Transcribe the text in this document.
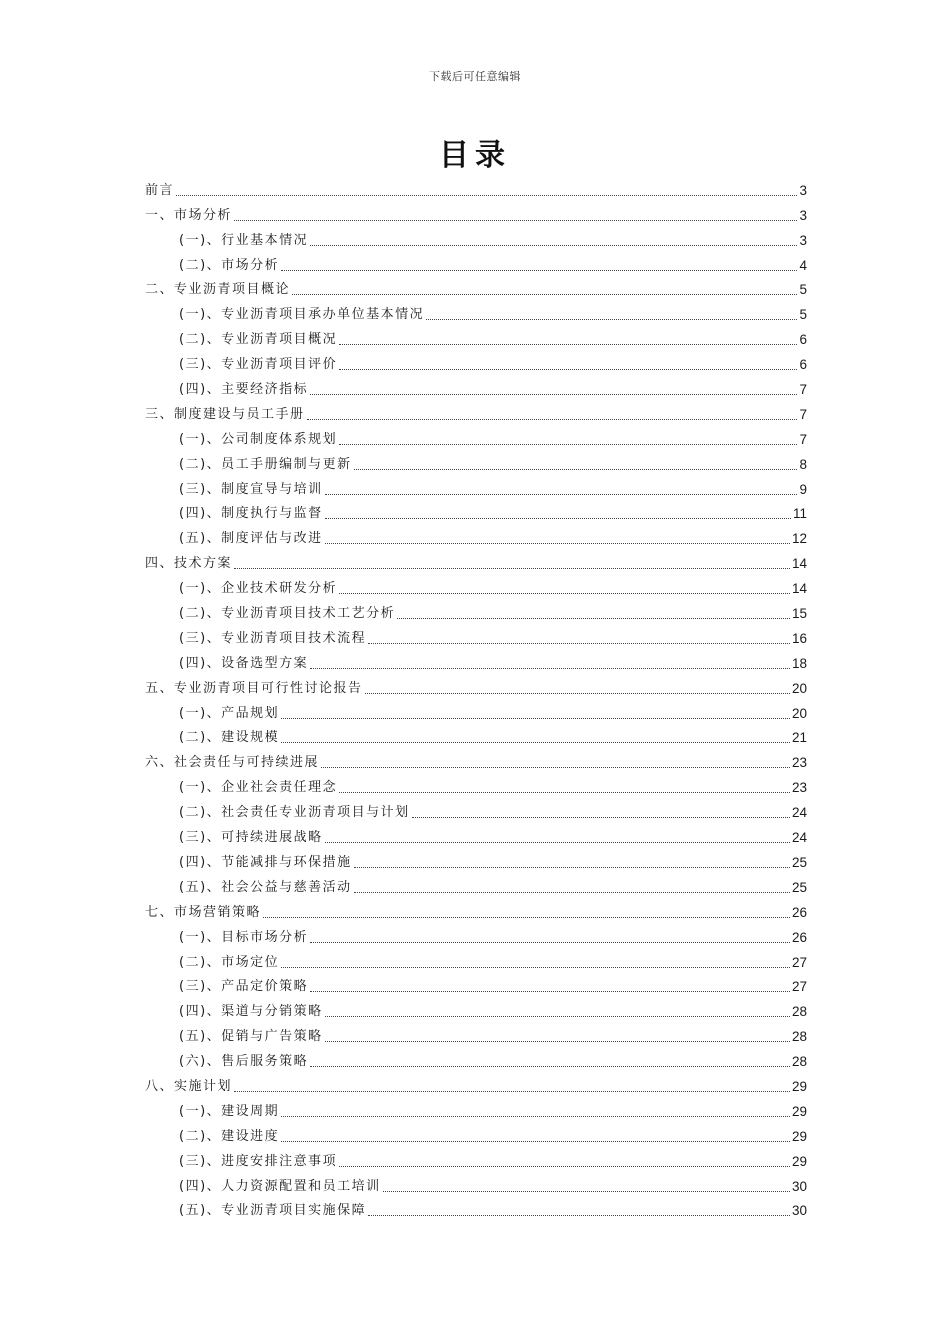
下载后可任意编辑
目录
前言	3
一、市场分析	3
(一)、行业基本情况	3
(二)、市场分析	4
二、专业沥青项目概论	5
(一)、专业沥青项目承办单位基本情况	5
(二)、专业沥青项目概况	6
(三)、专业沥青项目评价	6
(四)、主要经济指标	7
三、制度建设与员工手册	7
(一)、公司制度体系规划	7
(二)、员工手册编制与更新	8
(三)、制度宣导与培训	9
(四)、制度执行与监督	11
(五)、制度评估与改进	12
四、技术方案	14
(一)、企业技术研发分析	14
(二)、专业沥青项目技术工艺分析	15
(三)、专业沥青项目技术流程	16
(四)、设备选型方案	18
五、专业沥青项目可行性讨论报告	20
(一)、产品规划	20
(二)、建设规模	21
六、社会责任与可持续进展	23
(一)、企业社会责任理念	23
(二)、社会责任专业沥青项目与计划	24
(三)、可持续进展战略	24
(四)、节能减排与环保措施	25
(五)、社会公益与慈善活动	25
七、市场营销策略	26
(一)、目标市场分析	26
(二)、市场定位	27
(三)、产品定价策略	27
(四)、渠道与分销策略	28
(五)、促销与广告策略	28
(六)、售后服务策略	28
八、实施计划	29
(一)、建设周期	29
(二)、建设进度	29
(三)、进度安排注意事项	29
(四)、人力资源配置和员工培训	30
(五)、专业沥青项目实施保障	30
